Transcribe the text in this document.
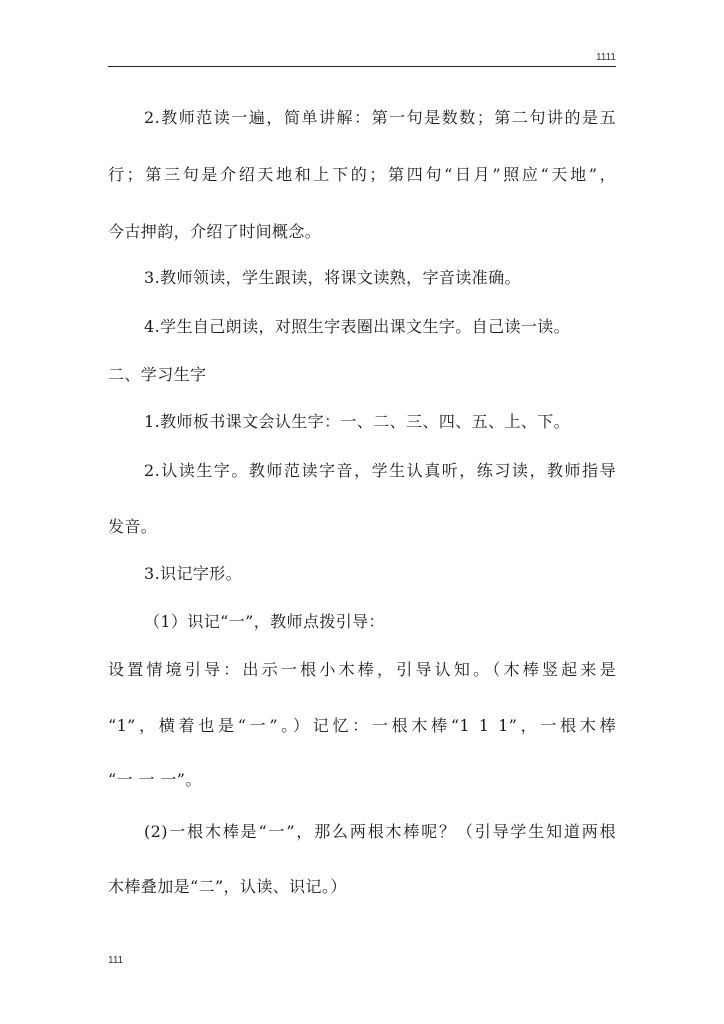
1111
2.教师范读一遍，简单讲解：第一句是数数；第二句讲的是五
行；第三句是介绍天地和上下的；第四句“日月”照应“天地”，
今古押韵，介绍了时间概念。
3.教师领读，学生跟读，将课文读熟，字音读准确。
4.学生自己朗读，对照生字表圈出课文生字。自己读一读。
二、学习生字
1.教师板书课文会认生字：一、二、三、四、五、上、下。
2.认读生字。教师范读字音，学生认真听，练习读，教师指导
发音。
3.识记字形。
（1）识记“一”，教师点拨引导：
设置情境引导：出示一根小木棒，引导认知。（木棒竖起来是
“1”，横着也是“一”。）记忆：一根木棒“1 1 1”，一根木棒
“一 一 一”。
(2)一根木棒是“一”，那么两根木棒呢？（引导学生知道两根
木棒叠加是“二”，认读、识记。）
111
